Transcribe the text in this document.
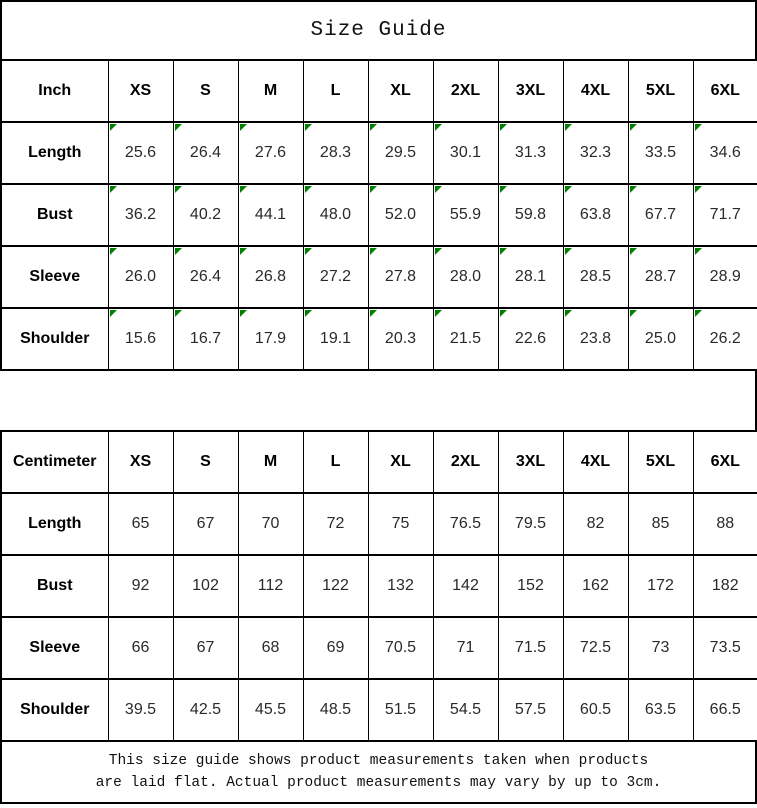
Size Guide
Inch	XS	S	M	L	XL	2XL	3XL	4XL	5XL	6XL
Length	25.6	26.4	27.6	28.3	29.5	30.1	31.3	32.3	33.5	34.6
Bust	36.2	40.2	44.1	48.0	52.0	55.9	59.8	63.8	67.7	71.7
Sleeve	26.0	26.4	26.8	27.2	27.8	28.0	28.1	28.5	28.7	28.9
Shoulder	15.6	16.7	17.9	19.1	20.3	21.5	22.6	23.8	25.0	26.2
Centimeter	XS	S	M	L	XL	2XL	3XL	4XL	5XL	6XL
Length	65	67	70	72	75	76.5	79.5	82	85	88
Bust	92	102	112	122	132	142	152	162	172	182
Sleeve	66	67	68	69	70.5	71	71.5	72.5	73	73.5
Shoulder	39.5	42.5	45.5	48.5	51.5	54.5	57.5	60.5	63.5	66.5
This size guide shows product measurements taken when products
are laid flat. Actual product measurements may vary by up to 3cm.
